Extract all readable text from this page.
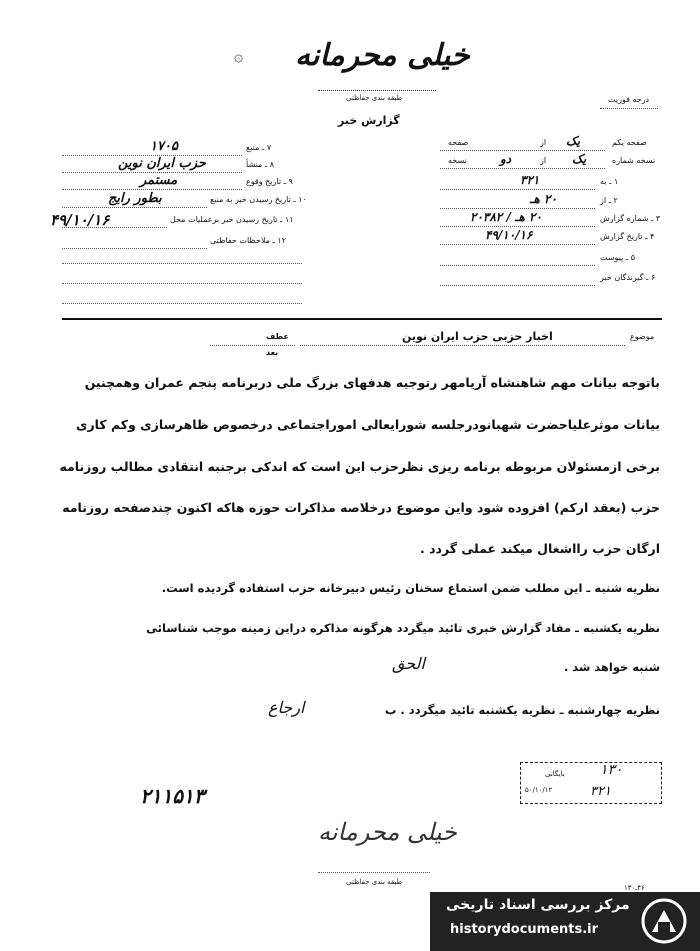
۞ خیلی محرمانه
طبقه بندی حفاظتی
گزارش خبر
درجه فوریت
۷ ـ منبع
۱۷۰۵
۸ ـ منشأ
حزب ایران نوین
۹ ـ تاریخ وقوع
مستمر
۱۰ ـ تاریخ رسیدن خبر به منبع
بطور رایج
۱۱ ـ تاریخ رسیدن خبر برعملیات محل
۴۹/۱۰/۱۶
۱۲ ـ ملاحظات حفاظتی
صفحه یکم
از
صفحه	یک
نسخه شماره
از
نسخه	یک
دو
۱ ـ به
۳۲۱
۲ ـ از
۲۰ هـ
۳ ـ شماره گزارش
۲۰ هـ / ۲۰۳۸۲
۴ ـ تاریخ گزارش
۴۹/۱۰/۱۶
۵ ـ پیوست
۶ ـ گیرندگان خبر
موضوع
اخبار حزبی حزب ایران نوین
عطف
بعد
باتوجه بیانات مهم شاهنشاه آریامهر رتوجیه هدفهای بزرگ ملی دربرنامه پنجم عمران وهمچنین
بیانات موثرعلیاحضرت شهبانودرجلسه شورایعالی اموراجتماعی درخصوص ظاهرسازی وکم کاری
برخی ازمسئولان مربوطه برنامه ریزی نظرحزب این است که اندکی برجنبه انتقادی مطالب روزنامه
حزب (بعقد ارکم) افزوده شود واین موضوع درخلاصه مذاکرات حوزه هاکه اکنون چندصفحه روزنامه
ارگان حزب رااشغال میکند عملی گردد .
نظریه شنبه ـ این مطلب ضمن استماع سخنان رئیس دبیرخانه حزب استفاده گردیده است.
نظریه یکشنبه ـ مفاد گزارش خبری تائید میگردد هرگونه مذاکره دراین زمینه موجب شناسائی
شنبه خواهد شد .
الحق
نظریه چهارشنبه ـ نظریه یکشنبه تائید میگردد . ب
ارجاع
۱۳۰
بایگانی
۳۲۱
۵۰/۱۰/۱۲
۲۱۱۵۱۳
خیلی محرمانه
طبقه بندی حفاظتی
۴۶ـ۱۳۰
مرکز بررسی اسناد تاریخی
historydocuments.ir
